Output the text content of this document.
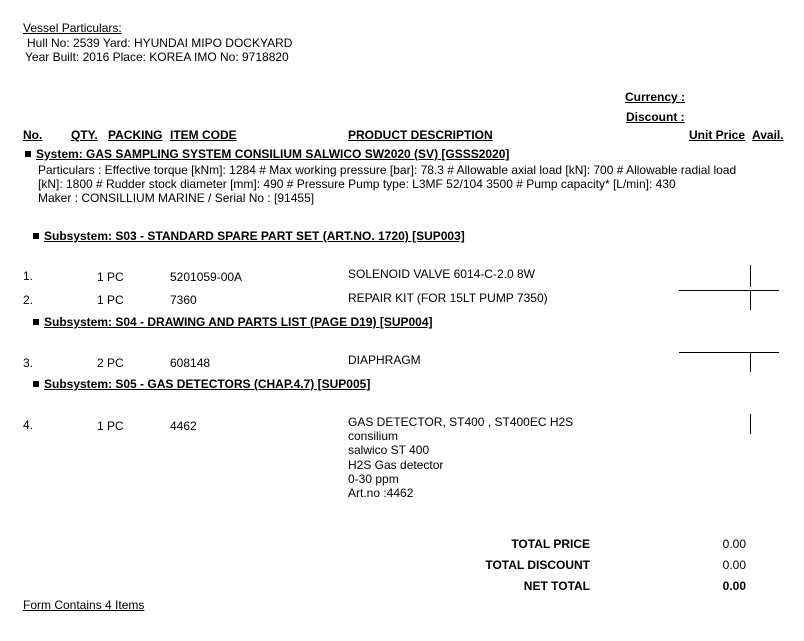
Vessel Particulars:
Hull No: 2539 Yard: HYUNDAI MIPO DOCKYARD
Year Built: 2016 Place: KOREA IMO No: 9718820
Currency :
Discount :
No. QTY. PACKING ITEM CODE	PRODUCT DESCRIPTION	Unit Price Avail.
System: GAS SAMPLING SYSTEM CONSILIUM SALWICO SW2020 (SV) [GSSS2020]
Particulars : Effective torque [kNm]: 1284 # Max working pressure [bar]: 78.3 # Allowable axial load [kN]: 700 # Allowable radial load
[kN]: 1800 # Rudder stock diameter [mm]: 490 # Pressure Pump type: L3MF 52/104 3500 # Pump capacity* [L/min]: 430
Maker : CONSILLIUM MARINE / Serial No : [91455]
Subsystem: S03 - STANDARD SPARE PART SET (ART.NO. 1720) [SUP003]
1.	1 PC	5201059-00A	SOLENOID VALVE 6014-C-2.0 8W
2.	1 PC	7360	REPAIR KIT (FOR 15LT PUMP 7350)
Subsystem: S04 - DRAWING AND PARTS LIST (PAGE D19) [SUP004]
3.	2 PC	608148	DIAPHRAGM
Subsystem: S05 - GAS DETECTORS (CHAP.4.7) [SUP005]
4.	1 PC	4462	GAS DETECTOR, ST400 , ST400EC H2S
consilium
salwico ST 400
H2S Gas detector
0-30 ppm
Art.no :4462
TOTAL PRICE	0.00
TOTAL DISCOUNT	0.00
NET TOTAL	0.00
Form Contains 4 Items
